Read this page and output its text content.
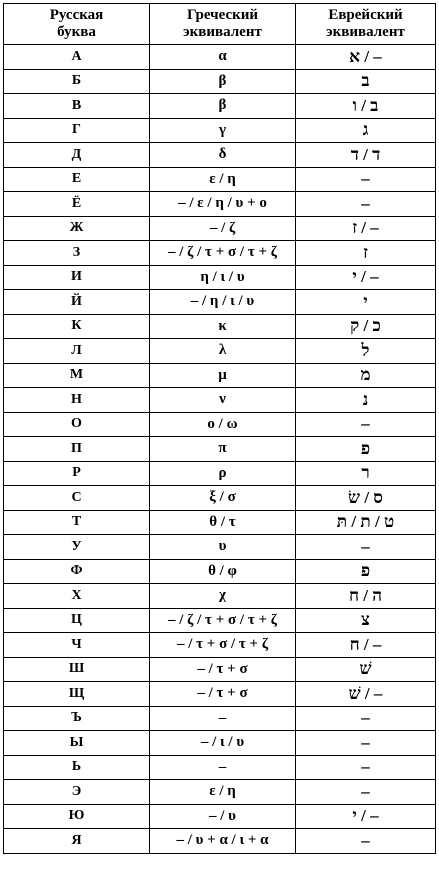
Русская
буква	Греческий
эквивалент	Еврейский
эквивалент

А	α	– / א
Б	β	ב
В	β	ב / ו
Г	γ	ג
Д	δ	ד / ד
Е	ε / η	–
Ё	– / ε / η / υ + ο	–
Ж	– / ζ	– / ז
З	– / ζ / τ + σ / τ + ζ	ז
И	η / ι / υ	– / י
Й	– / η / ι / υ	י
К	κ	כ / ק
Л	λ	ל
М	μ	מ
Н	ν	נ
О	ο / ω	–
П	π	פ
Р	ρ	ר
С	ξ / σ	ס / שׂ
Т	θ / τ	ט / ת / תּ
У	υ	–
Ф	θ / φ	פ
Х	χ	ה / ח
Ц	– / ζ / τ + σ / τ + ζ	צ
Ч	– / τ + σ / τ + ζ	– / ח
Ш	– / τ + σ	שׁ
Щ	– / τ + σ	– / שׁ
Ъ	–	–
Ы	– / ι / υ	–
Ь	–	–
Э	ε / η	–
Ю	– / υ	– / י
Я	– / υ + α / ι + α	–
